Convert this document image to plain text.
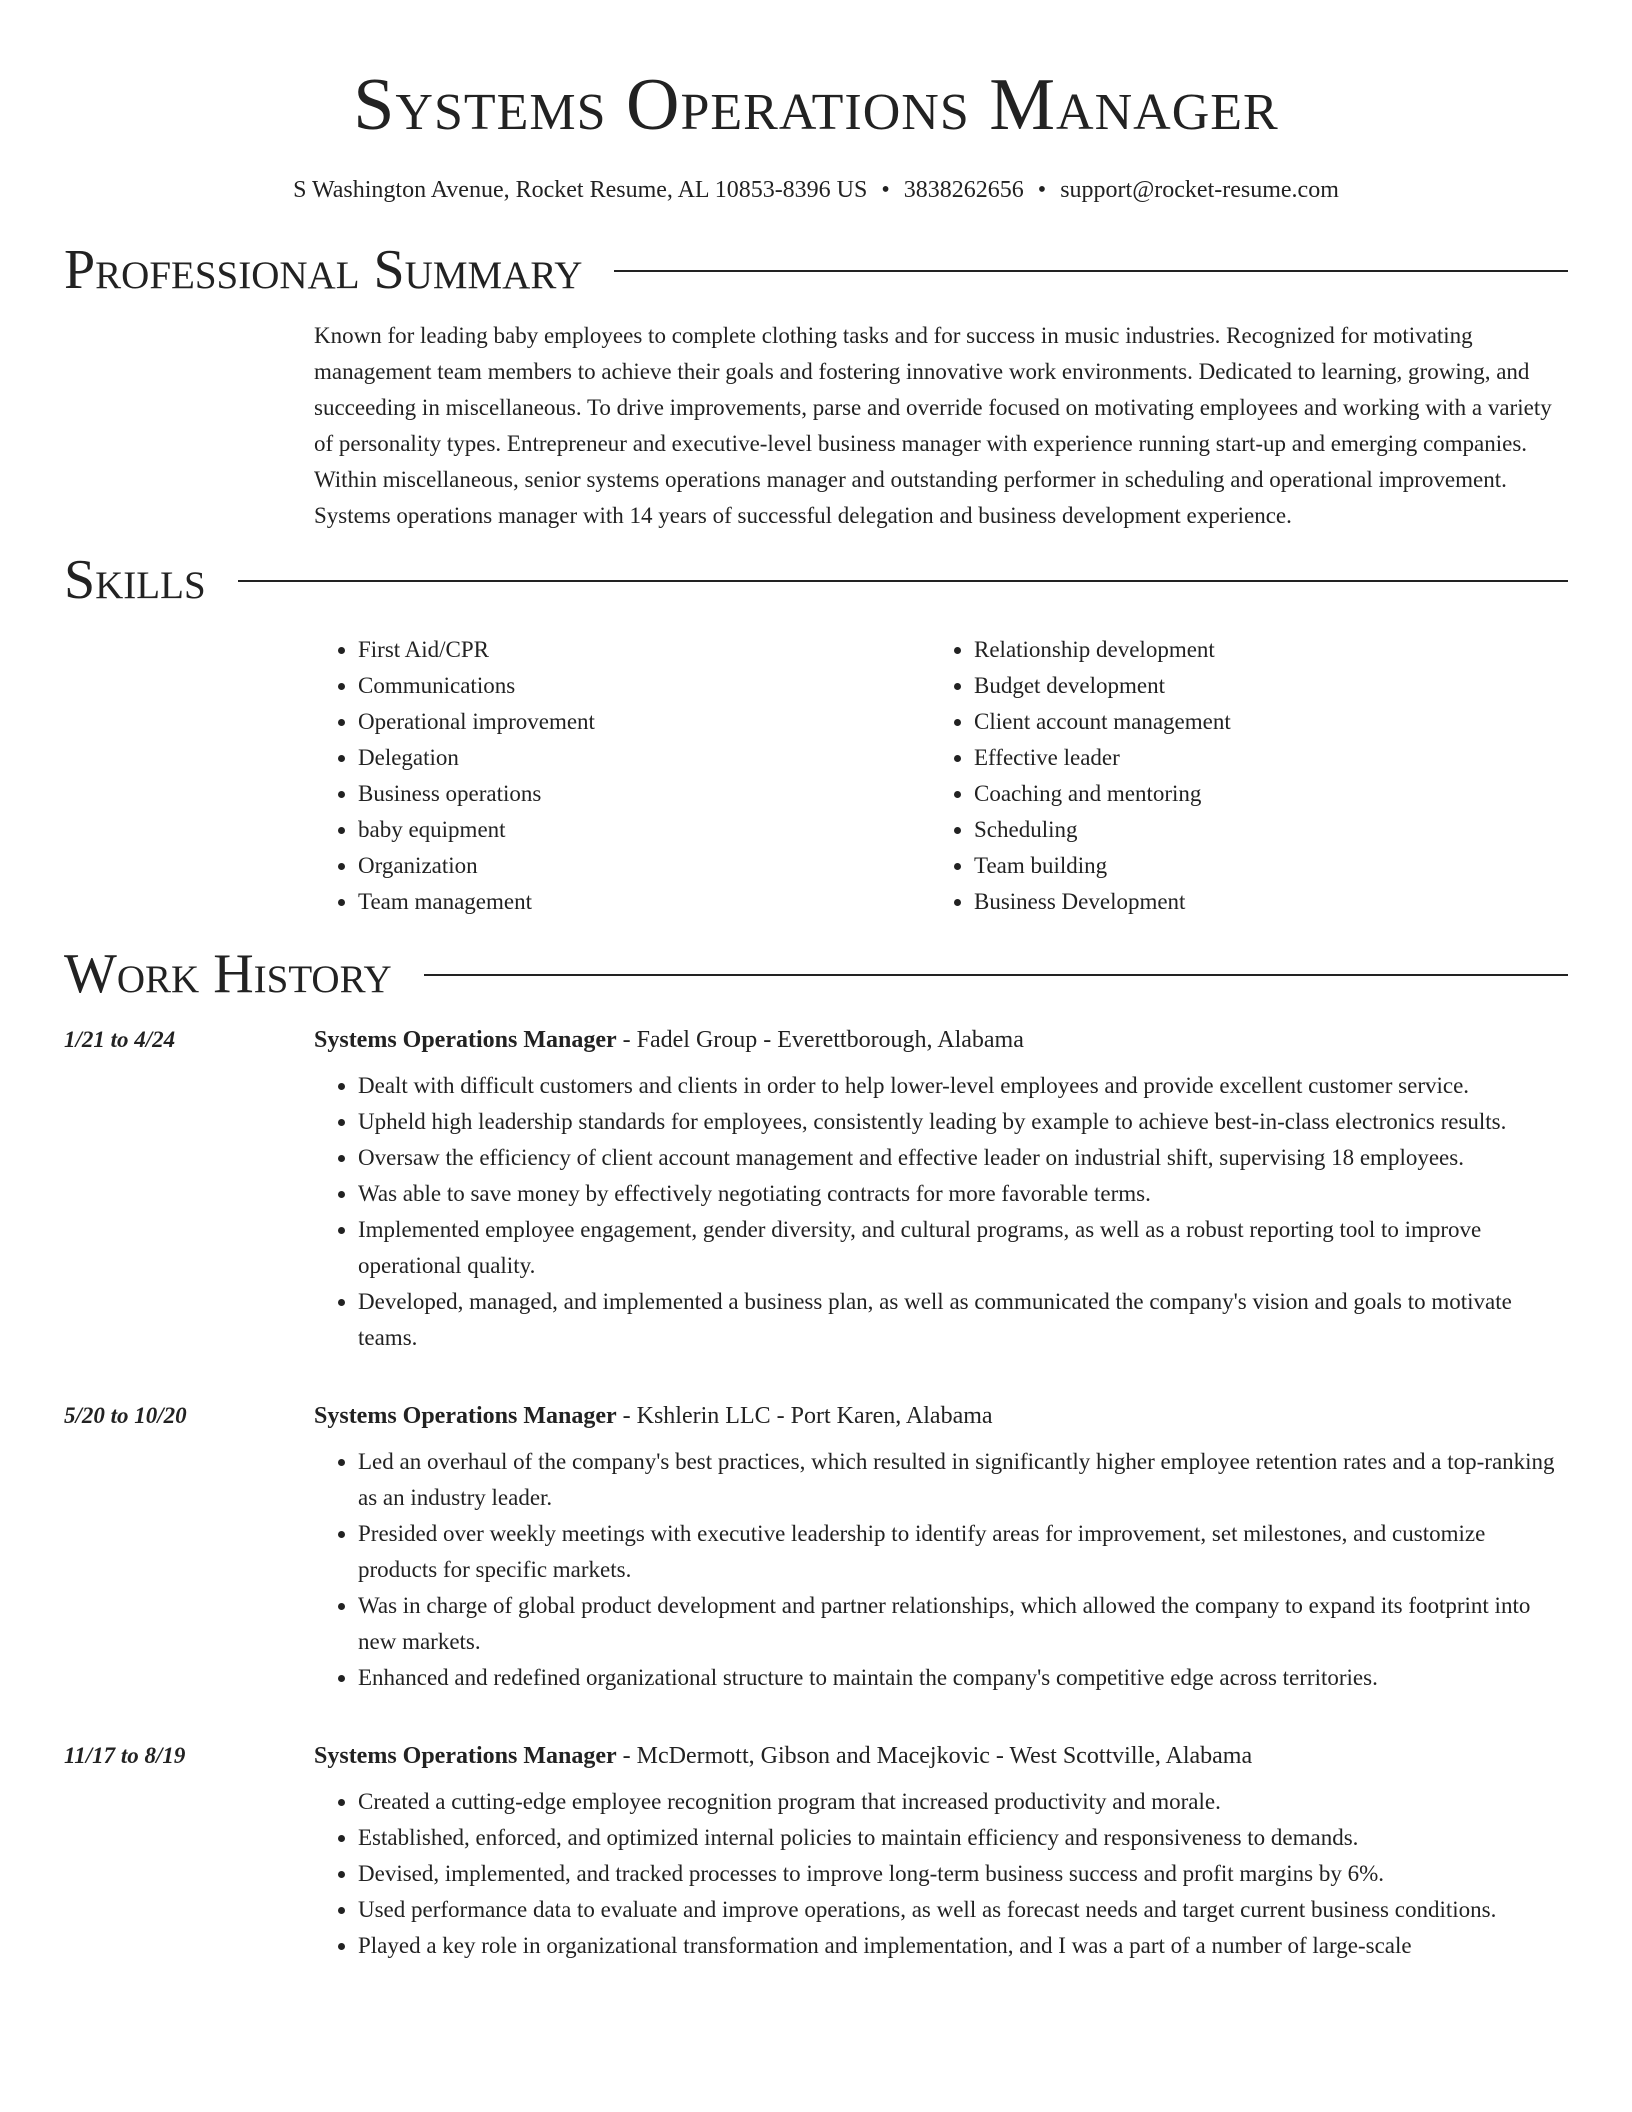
Systems Operations Manager
S Washington Avenue, Rocket Resume, AL 10853-8396 US • 3838262656 • support@rocket-resume.com
Professional Summary

Known for leading baby employees to complete clothing tasks and for success in music industries. Recognized for motivating management team members to achieve their goals and fostering innovative work environments. Dedicated to learning, growing, and succeeding in miscellaneous. To drive improvements, parse and override focused on motivating employees and working with a variety of personality types. Entrepreneur and executive-level business manager with experience running start-up and emerging companies. Within miscellaneous, senior systems operations manager and outstanding performer in scheduling and operational improvement. Systems operations manager with 14 years of successful delegation and business development experience.

Skills
• First Aid/CPR
• Communications
• Operational improvement
• Delegation
• Business operations
• baby equipment
• Organization
• Team management
• Relationship development
• Budget development
• Client account management
• Effective leader
• Coaching and mentoring
• Scheduling
• Team building
• Business Development
Work History
1/21 to 4/24	Systems Operations Manager - Fadel Group - Everettborough, Alabama
• Dealt with difficult customers and clients in order to help lower-level employees and provide excellent customer service.
• Upheld high leadership standards for employees, consistently leading by example to achieve best-in-class electronics results.
• Oversaw the efficiency of client account management and effective leader on industrial shift, supervising 18 employees.
• Was able to save money by effectively negotiating contracts for more favorable terms.
• Implemented employee engagement, gender diversity, and cultural programs, as well as a robust reporting tool to improve operational quality.
• Developed, managed, and implemented a business plan, as well as communicated the company's vision and goals to motivate teams.
5/20 to 10/20	Systems Operations Manager - Kshlerin LLC - Port Karen, Alabama
• Led an overhaul of the company's best practices, which resulted in significantly higher employee retention rates and a top-ranking as an industry leader.
• Presided over weekly meetings with executive leadership to identify areas for improvement, set milestones, and customize products for specific markets.
• Was in charge of global product development and partner relationships, which allowed the company to expand its footprint into new markets.
• Enhanced and redefined organizational structure to maintain the company's competitive edge across territories.
11/17 to 8/19	Systems Operations Manager - McDermott, Gibson and Macejkovic - West Scottville, Alabama
• Created a cutting-edge employee recognition program that increased productivity and morale.
• Established, enforced, and optimized internal policies to maintain efficiency and responsiveness to demands.
• Devised, implemented, and tracked processes to improve long-term business success and profit margins by 6%.
• Used performance data to evaluate and improve operations, as well as forecast needs and target current business conditions.
• Played a key role in organizational transformation and implementation, and I was a part of a number of large-scale
